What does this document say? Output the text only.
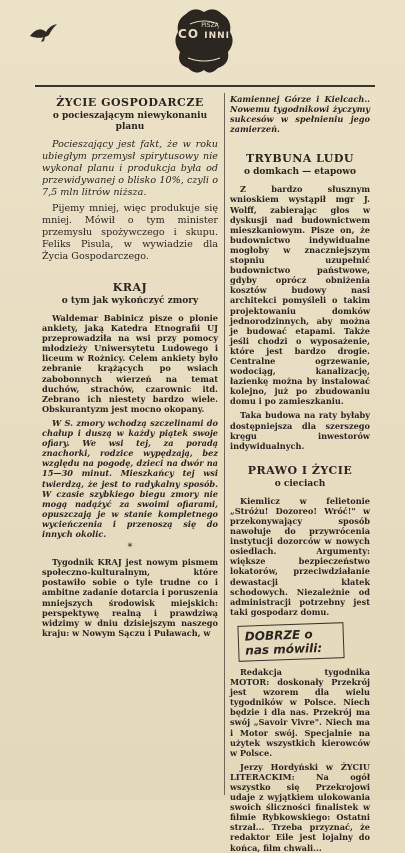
PISZĄ
CO INNI
ŻYCIE GOSPODARCZE
o pocieszającym niewykonaniu planu

Pocieszający jest fakt, że w roku ubiegłym przemysł spirytusowy nie wykonał planu i produkcja była od przewidywanej o blisko 10%, czyli o 7,5 mln litrów niższa.

Pijemy mniej, więc produkuje się mniej. Mówił o tym minister przemysłu spożywczego i skupu. Feliks Pisula, w wywiadzie dla Życia Gospodarczego.

KRAJ
o tym jak wykończyć zmory

Waldemar Babinicz pisze o plonie ankiety, jaką Katedra Etnografii UJ przeprowadziła na wsi przy pomocy młodzieży Uniwersytetu Ludowego i liceum w Rożnicy. Celem ankiety było zebranie krążących po wsiach zabobonnych wierzeń na temat duchów, strachów, czarownic itd. Zebrano ich niestety bardzo wiele. Obskurantyzm jest mocno okopany.

W S. zmory wchodzą szczelinami do chałup i duszą w każdy piątek swoje ofiary. We wsi tej, za poradą znachorki, rodzice wypędzają, bez względu na pogodę, dzieci na dwór na 15—30 minut. Mieszkańcy tej wsi twierdzą, że jest to radykalny sposób. W czasie szybkiego biegu zmory nie mogą nadążyć za swoimi ofiarami, opuszczają je w stanie kompletnego wycieńczenia i przenoszą się do innych okolic.

*

Tygodnik KRAJ jest nowym pismem społeczno-kulturalnym, które postawiło sobie o tyle trudne co i ambitne zadanie dotarcia i poruszenia mniejszych środowisk miejskich: perspektywę realną i prawdziwą widzimy w dniu dzisiejszym naszego kraju: w Nowym Sączu i Puławach, w

Kamiennej Górze i Kielcach.. Nowemu tygodnikowi życzymy sukcesów w spełnieniu jego zamierzeń.

TRYBUNA LUDU
o domkach — etapowo

Z bardzo słusznym wnioskiem wystąpił mgr J. Wolff, zabierając głos w dyskusji nad budownictwem mieszkaniowym. Pisze on, że budownictwo indywidualne mogłoby w znaczniejszym stopniu uzupełnić budownictwo państwowe, gdyby oprócz obniżenia kosztów budowy nasi architekci pomyśleli o takim projektowaniu domków jednorodzinnych, aby można je budować etapami. Także jeśli chodzi o wyposażenie, które jest bardzo drogie. Centralne ogrzewanie, wodociąg, kanalizację, łazienkę można by instalować kolejno, już po zbudowaniu domu i po zamieszkaniu.

Taka budowa na raty byłaby dostępniejsza dla szerszego kręgu inwestorów indywidualnych.

PRAWO I ŻYCIE
o cieciach

Kiemlicz w felietonie „Stróżu! Dozoreo! Wróć!" w przekonywający sposób nawołuje do przywrócenia instytucji dozorców w nowych osiedlach. Argumenty: większe bezpieczeństwo lokatorów, przeciwdziałanie dewastacji klatek schodowych. Niezależnie od administracji potrzebny jest taki gospodarz domu.

DOBRZE o nas mówili:

Redakcja tygodnika MOTOR: doskonały Przekrój jest wzorem dla wielu tygodników w Polsce. Niech będzie i dla nas. Przekrój ma swój „Savoir Vivre". Niech ma i Motor swój. Specjalnie na użytek wszystkich kierowców w Polsce.

Jerzy Hordyński w ŻYCIU LITERACKIM: Na ogół wszystko się Przekrojowi udaje z wyjątkiem ulokowania swoich śliczności finalistek w filmie Rybkowskiego: Ostatni strzał... Trzeba przyznać, że redaktor Eile jest lojalny do końca, film chwali...
